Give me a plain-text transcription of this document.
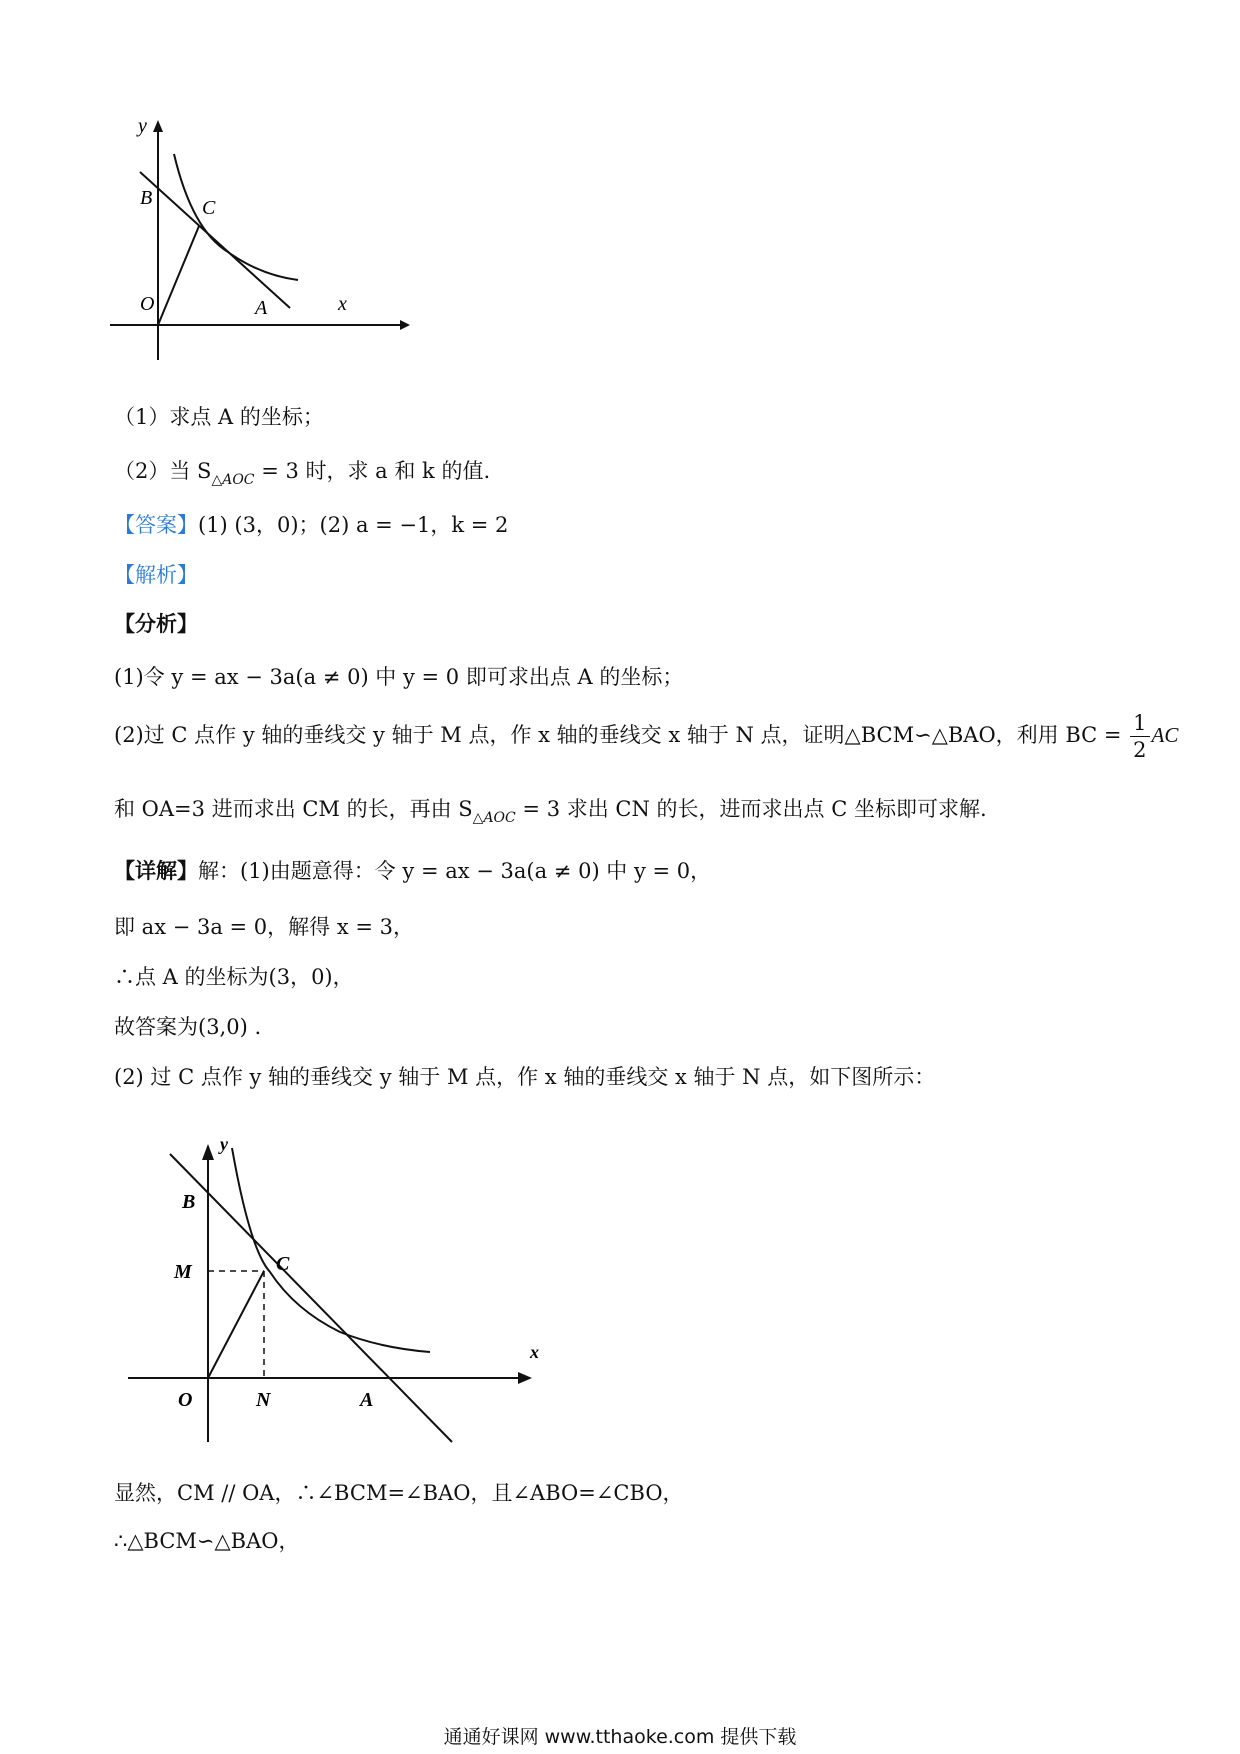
y
x
B C
O	A
（1）求点 A 的坐标；
（2）当 $S_{\triangle AOC} = 3$ 时，求 a 和 k 的值.
【答案】(1) (3，0)；(2) a = −1，k = 2
【解析】
【分析】
(1)令 y = ax − 3a(a ≠ 0) 中 y = 0 即可求出点 A 的坐标；
(2)过 C 点作 y 轴的垂线交 y 轴于 M 点，作 x 轴的垂线交 x 轴于 N 点，证明△BCM∽△BAO，利用 BC = $\frac{1}{2}$ AC
和 OA=3 进而求出 CM 的长，再由 $S_{\triangle AOC} = 3$ 求出 CN 的长，进而求出点 C 坐标即可求解.
【详解】解：(1)由题意得：令 y = ax − 3a(a ≠ 0) 中 y = 0，
即 ax − 3a = 0，解得 x = 3，
∴点 A 的坐标为(3，0)，
故答案为(3,0) .
(2) 过 C 点作 y 轴的垂线交 y 轴于 M 点，作 x 轴的垂线交 x 轴于 N 点，如下图所示：
y
x
B
M	C
O	N	A
显然，CM // OA，∴∠BCM=∠BAO，且∠ABO=∠CBO，
∴△BCM∽△BAO，
通通好课网 www.tthaoke.com 提供下载
